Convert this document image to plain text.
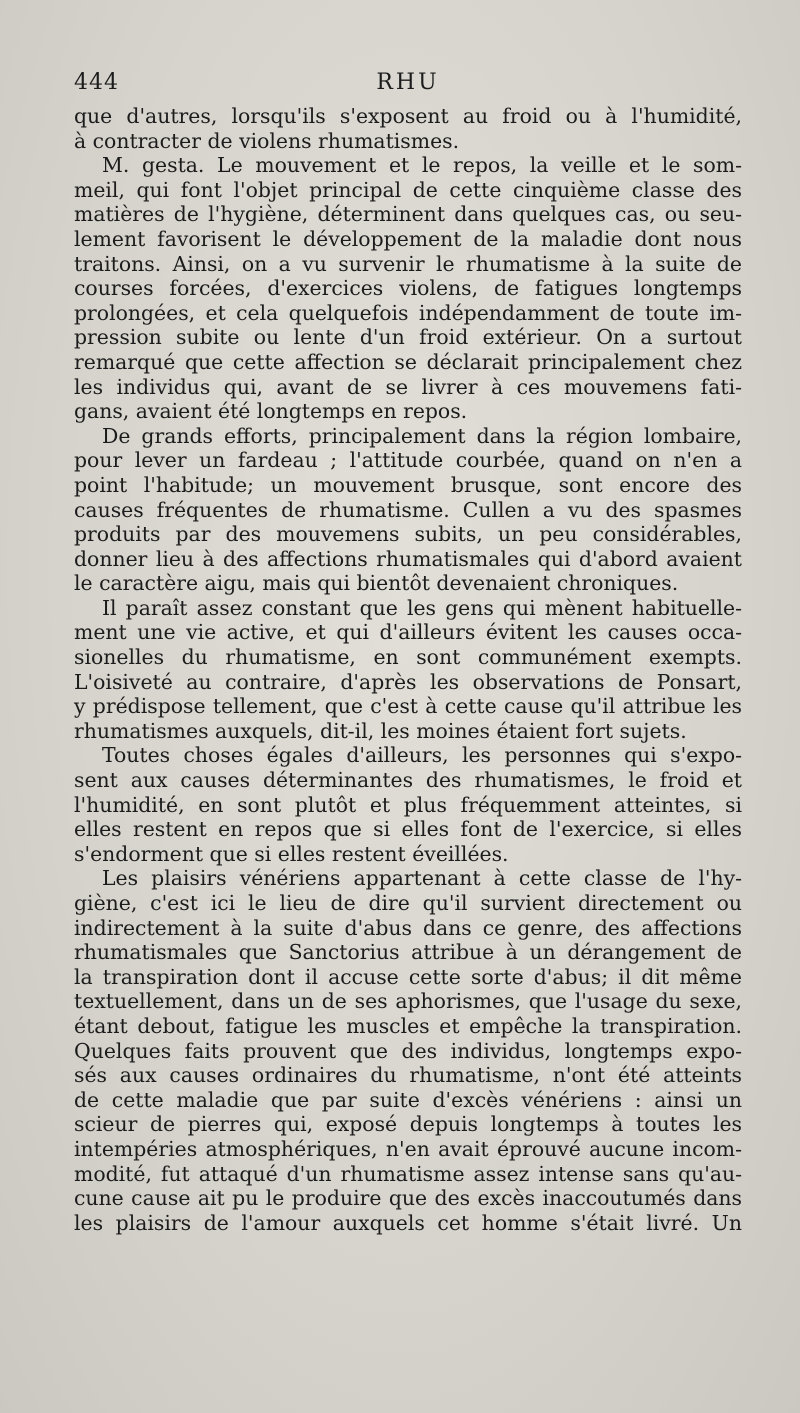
444	RHU
que d'autres, lorsqu'ils s'exposent au froid ou à l'humidité,
à contracter de violens rhumatismes.
M. gesta. Le mouvement et le repos, la veille et le som-
meil, qui font l'objet principal de cette cinquième classe des
matières de l'hygiène, déterminent dans quelques cas, ou seu-
lement favorisent le développement de la maladie dont nous
traitons. Ainsi, on a vu survenir le rhumatisme à la suite de
courses forcées, d'exercices violens, de fatigues longtemps
prolongées, et cela quelquefois indépendamment de toute im-
pression subite ou lente d'un froid extérieur. On a surtout
remarqué que cette affection se déclarait principalement chez
les individus qui, avant de se livrer à ces mouvemens fati-
gans, avaient été longtemps en repos.
De grands efforts, principalement dans la région lombaire,
pour lever un fardeau ; l'attitude courbée, quand on n'en a
point l'habitude; un mouvement brusque, sont encore des
causes fréquentes de rhumatisme. Cullen a vu des spasmes
produits par des mouvemens subits, un peu considérables,
donner lieu à des affections rhumatismales qui d'abord avaient
le caractère aigu, mais qui bientôt devenaient chroniques.
Il paraît assez constant que les gens qui mènent habituelle-
ment une vie active, et qui d'ailleurs évitent les causes occa-
sionelles du rhumatisme, en sont communément exempts.
L'oisiveté au contraire, d'après les observations de Ponsart,
y prédispose tellement, que c'est à cette cause qu'il attribue les
rhumatismes auxquels, dit-il, les moines étaient fort sujets.
Toutes choses égales d'ailleurs, les personnes qui s'expo-
sent aux causes déterminantes des rhumatismes, le froid et
l'humidité, en sont plutôt et plus fréquemment atteintes, si
elles restent en repos que si elles font de l'exercice, si elles
s'endorment que si elles restent éveillées.
Les plaisirs vénériens appartenant à cette classe de l'hy-
giène, c'est ici le lieu de dire qu'il survient directement ou
indirectement à la suite d'abus dans ce genre, des affections
rhumatismales que Sanctorius attribue à un dérangement de
la transpiration dont il accuse cette sorte d'abus; il dit même
textuellement, dans un de ses aphorismes, que l'usage du sexe,
étant debout, fatigue les muscles et empêche la transpiration.
Quelques faits prouvent que des individus, longtemps expo-
sés aux causes ordinaires du rhumatisme, n'ont été atteints
de cette maladie que par suite d'excès vénériens : ainsi un
scieur de pierres qui, exposé depuis longtemps à toutes les
intempéries atmosphériques, n'en avait éprouvé aucune incom-
modité, fut attaqué d'un rhumatisme assez intense sans qu'au-
cune cause ait pu le produire que des excès inaccoutumés dans
les plaisirs de l'amour auxquels cet homme s'était livré. Un
